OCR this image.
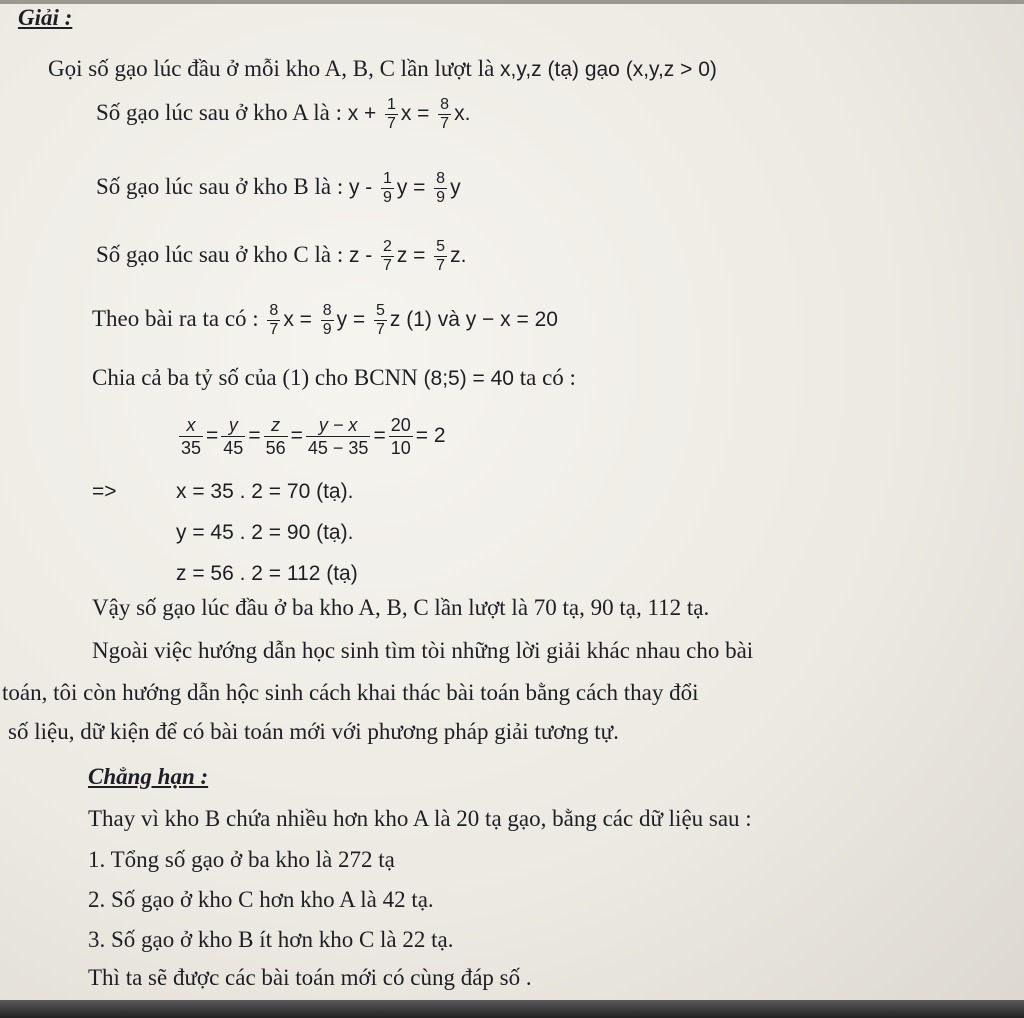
Giải :
Gọi số gạo lúc đầu ở mỗi kho A, B, C lần lượt là x,y,z (tạ) gạo (x,y,z > 0)
Số gạo lúc sau ở kho A là : $x + \frac{1}{7}$ $x = \frac{8}{7} x$.
Số gạo lúc sau ở kho B là : y - $\frac{1}{9}$ $y = \frac{8}{9}$ y
Số gạo lúc sau ở kho C là : z - $\frac{2}{7}$ $z = \frac{5}{7} z$.
Theo bài ra ta có : $\frac{8}{7}$ $x = \frac{8}{9}$ $y = \frac{5}{7}$ z (1) và y − x = 20
Chia cả ba tỷ số của (1) cho BCNN (8;5) = 40 ta có :
$\frac{x}{35} = \frac{y}{45} = \frac{z}{56} = \frac{y - x}{45 - 35} = \frac{20}{10} = 2$
=>	x = 35 . 2 = 70 (tạ).
y = 45 . 2 = 90 (tạ).
z = 56 . 2 = 112 (tạ)
Vậy số gạo lúc đầu ở ba kho A, B, C lần lượt là 70 tạ, 90 tạ, 112 tạ.
Ngoài việc hướng dẫn học sinh tìm tòi những lời giải khác nhau cho bài
toán, tôi còn hướng dẫn hộc sinh cách khai thác bài toán bằng cách thay đổi
số liệu, dữ kiện để có bài toán mới với phương pháp giải tương tự.
Chẳng hạn :
Thay vì kho B chứa nhiều hơn kho A là 20 tạ gạo, bằng các dữ liệu sau :
1. Tổng số gạo ở ba kho là 272 tạ
2. Số gạo ở kho C hơn kho A là 42 tạ.
3. Số gạo ở kho B ít hơn kho C là 22 tạ.
Thì ta sẽ được các bài toán mới có cùng đáp số .
